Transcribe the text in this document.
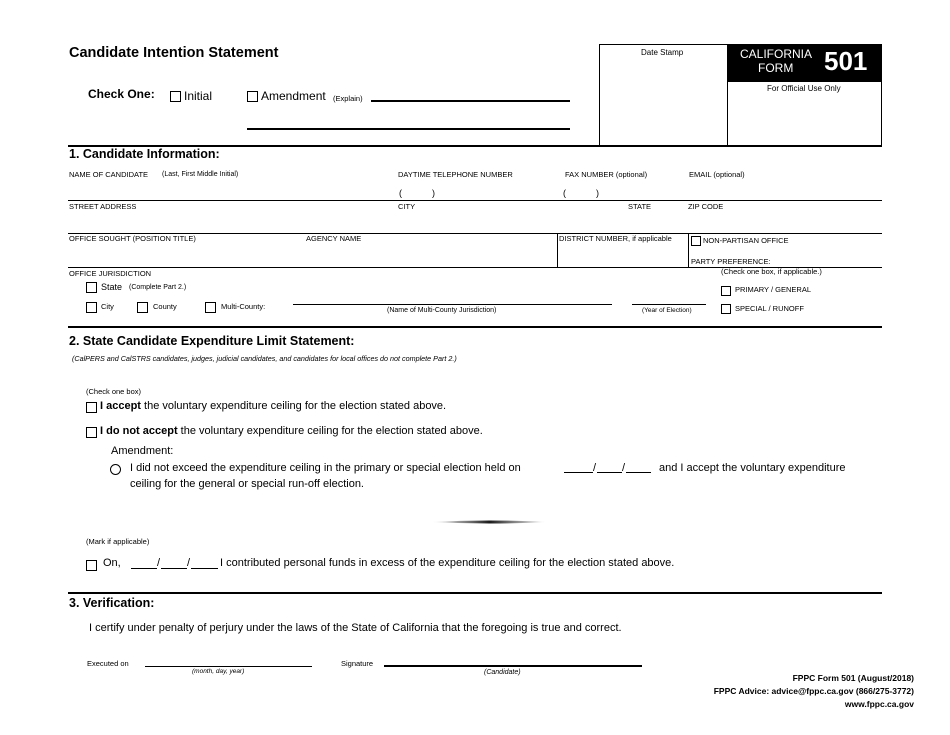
Candidate Intention Statement
Check One: Initial	Amendment (Explain)
Date Stamp	CALIFORNIA
FORM 501
For Official Use Only
1. Candidate Information:
NAME OF CANDIDATE (Last, First Middle Initial)	DAYTIME TELEPHONE NUMBER	FAX NUMBER (optional)	EMAIL (optional)
(	)	(	)
STREET ADDRESS	CITY	STATE	ZIP CODE
OFFICE SOUGHT (POSITION TITLE)	AGENCY NAME	DISTRICT NUMBER, if applicable	NON-PARTISAN OFFICE
PARTY PREFERENCE:
OFFICE JURISDICTION	(Check one box, if applicable.)
State (Complete Part 2.)	PRIMARY / GENERAL
City	County	Multi-County:	(Name of Multi-County Jurisdiction)	(Year of Election)	SPECIAL / RUNOFF
2. State Candidate Expenditure Limit Statement:
(CalPERS and CalSTRS candidates, judges, judicial candidates, and candidates for local offices do not complete Part 2.)
(Check one box)
I accept the voluntary expenditure ceiling for the election stated above.
I do not accept the voluntary expenditure ceiling for the election stated above.
Amendment:
I did not exceed the expenditure ceiling in the primary or special election held on	/ /	and I accept the voluntary expenditure
ceiling for the general or special run-off election.
(Mark if applicable)
On,	/ /	I contributed personal funds in excess of the expenditure ceiling for the election stated above.
3. Verification:
I certify under penalty of perjury under the laws of the State of California that the foregoing is true and correct.
Executed on
(month, day, year)
Signature
(Candidate)
FPPC Form 501 (August/2018)
FPPC Advice: advice@fppc.ca.gov (866/275-3772)
www.fppc.ca.gov
